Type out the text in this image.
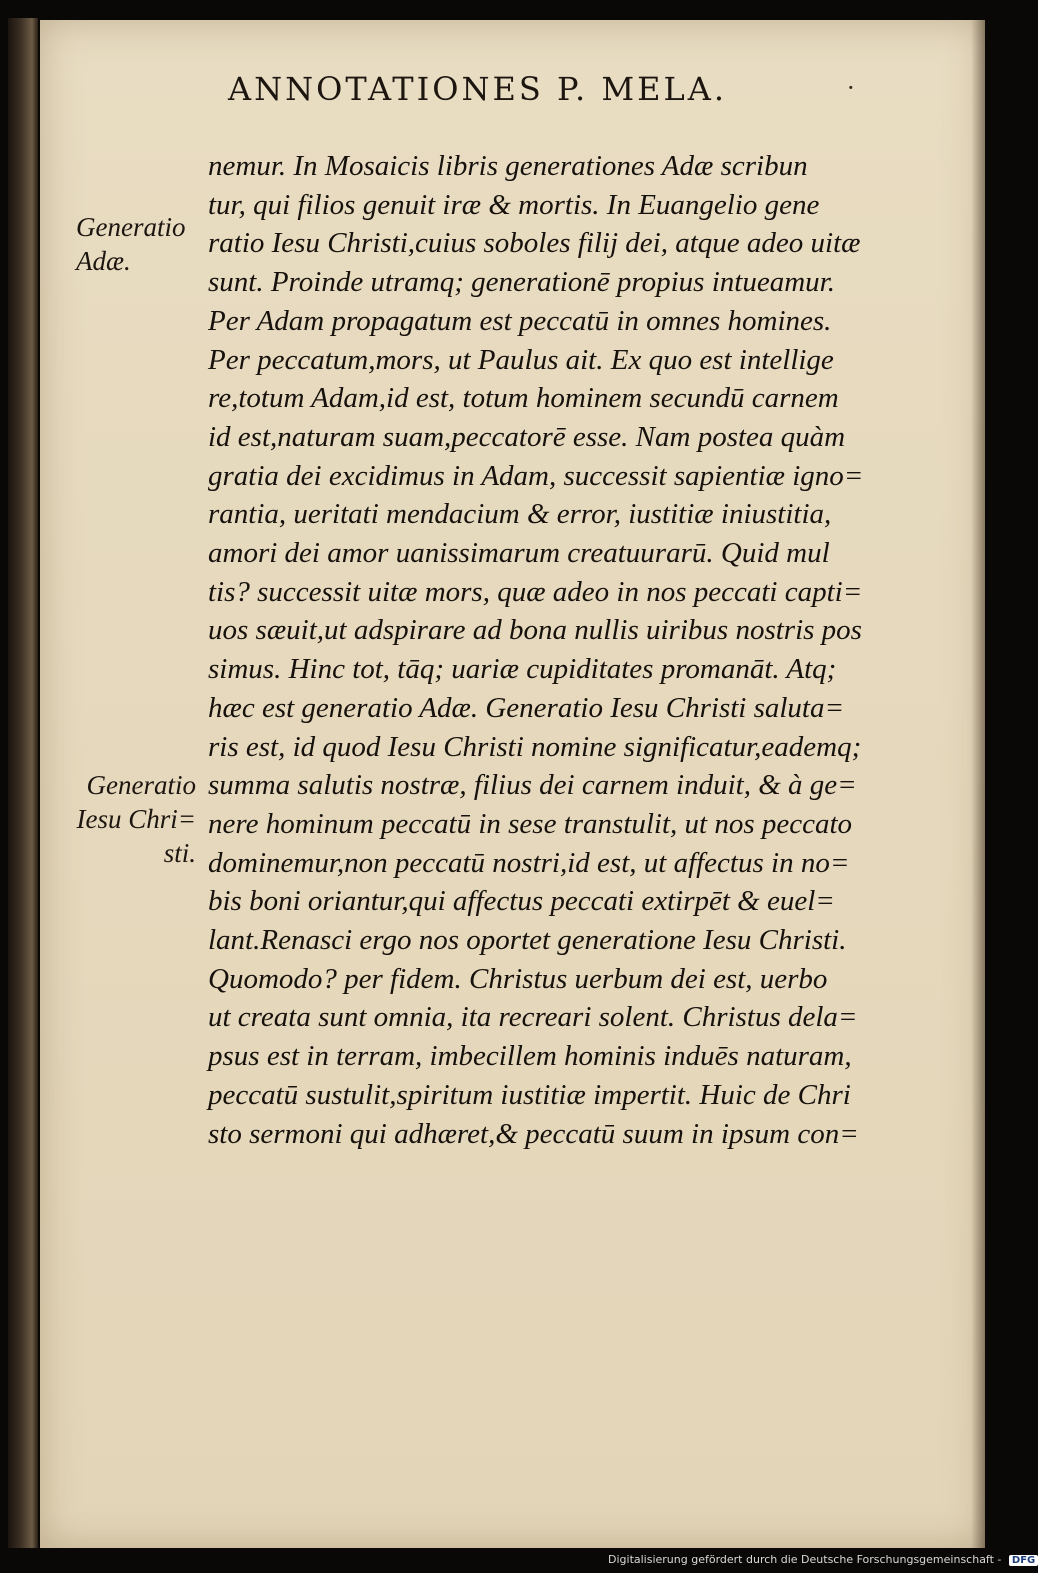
ANNOTATIONES P. MELA.	·
Generatio
Adæ.
Generatio
Iesu Chri=
sti.
nemur. In Mosaicis libris generationes Adæ scribun
tur, qui filios genuit iræ & mortis. In Euangelio gene
ratio Iesu Christi,cuius soboles filij dei, atque adeo uitæ
sunt. Proinde utramq; generationē propius intueamur.
Per Adam propagatum est peccatū in omnes homines.
Per peccatum,mors, ut Paulus ait. Ex quo est intellige
re,totum Adam,id est, totum hominem secundū carnem
id est,naturam suam,peccatorē esse. Nam postea quàm
gratia dei excidimus in Adam, successit sapientiæ igno=
rantia, ueritati mendacium & error, iustitiæ iniustitia,
amori dei amor uanissimarum creatuurarū. Quid mul
tis? successit uitæ mors, quæ adeo in nos peccati capti=
uos sæuit,ut adspirare ad bona nullis uiribus nostris pos
simus. Hinc tot, tāq; uariæ cupiditates promanāt. Atq;
hæc est generatio Adæ. Generatio Iesu Christi saluta=
ris est, id quod Iesu Christi nomine significatur,eademq;
summa salutis nostræ, filius dei carnem induit, & à ge=
nere hominum peccatū in sese transtulit, ut nos peccato
dominemur,non peccatū nostri,id est, ut affectus in no=
bis boni oriantur,qui affectus peccati extirpēt & euel=
lant.Renasci ergo nos oportet generatione Iesu Christi.
Quomodo? per fidem. Christus uerbum dei est, uerbo
ut creata sunt omnia, ita recreari solent. Christus dela=
psus est in terram, imbecillem hominis induēs naturam,
peccatū sustulit,spiritum iustitiæ impertit. Huic de Chri
sto sermoni qui adhæret,& peccatū suum in ipsum con=
Digitalisierung gefördert durch die Deutsche Forschungsgemeinschaft - DFG
